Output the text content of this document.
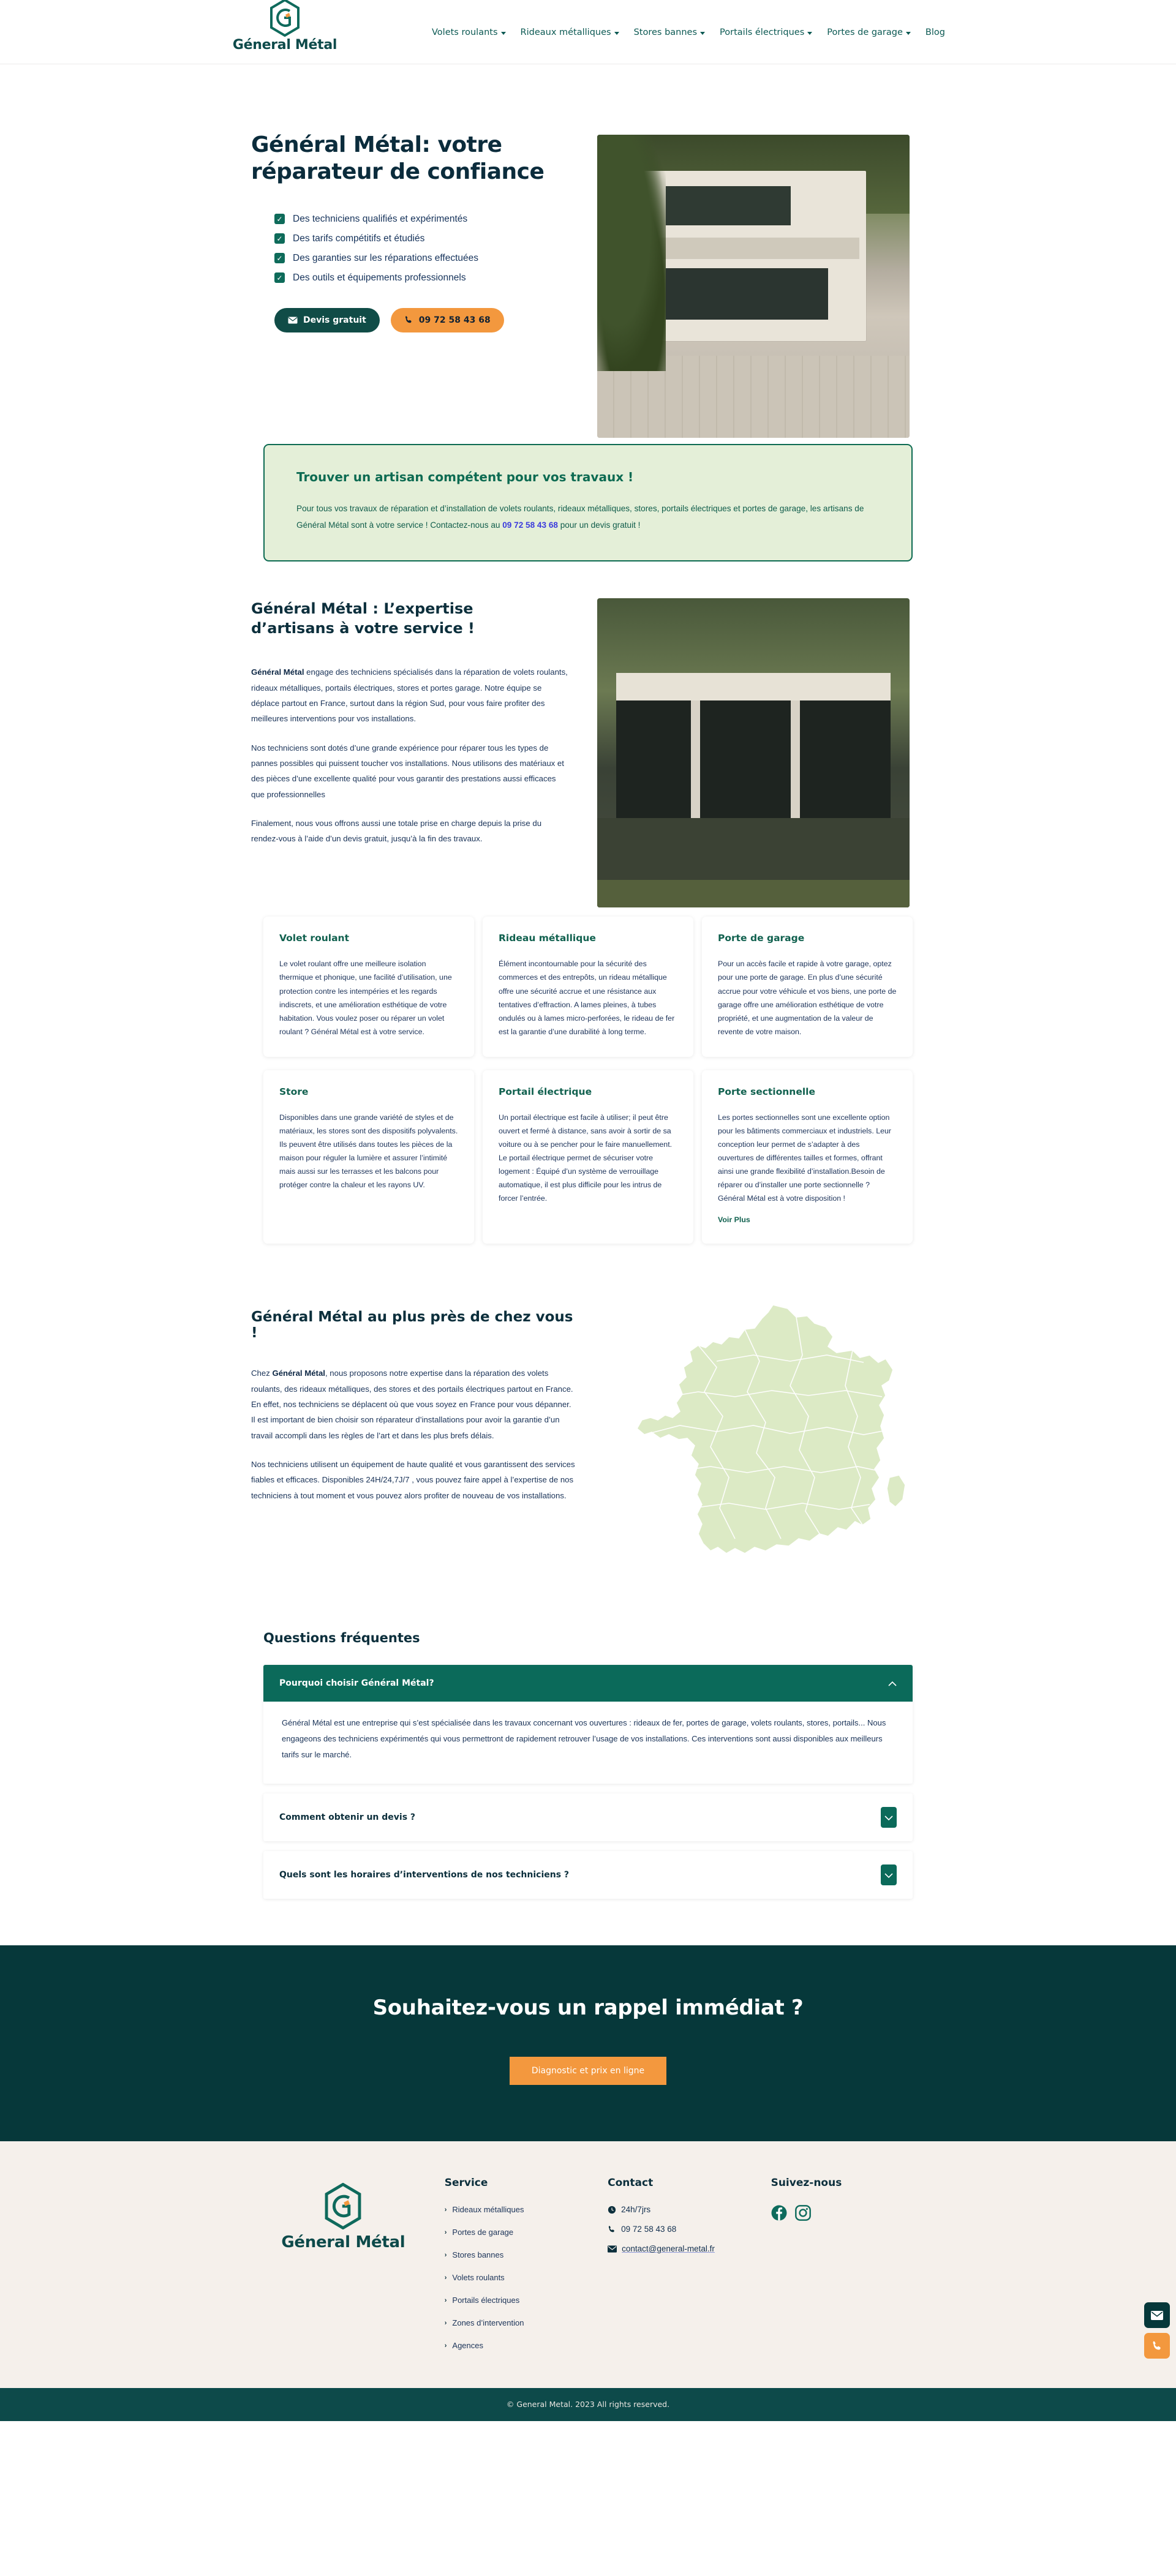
Géneral Métal
Volets roulants	Rideaux métalliques	Stores bannes	Portails électriques	Portes de garage	Blog
Général Métal: votre réparateur de confiance
✓ Des techniciens qualifiés et expérimentés
✓ Des tarifs compétitifs et étudiés
✓ Des garanties sur les réparations effectuées
✓ Des outils et équipements professionnels
Devis gratuit	09 72 58 43 68
Trouver un artisan compétent pour vos travaux !

Pour tous vos travaux de réparation et d’installation de volets roulants, rideaux métalliques, stores, portails électriques et portes de garage, les artisans de Général Métal sont à votre service ! Contactez-nous au 09 72 58 43 68 pour un devis gratuit !

Général Métal : L’expertise d’artisans à votre service !

Général Métal engage des techniciens spécialisés dans la réparation de volets roulants, rideaux métalliques, portails électriques, stores et portes garage. Notre équipe se déplace partout en France, surtout dans la région Sud, pour vous faire profiter des meilleures interventions pour vos installations.

Nos techniciens sont dotés d’une grande expérience pour réparer tous les types de pannes possibles qui puissent toucher vos installations. Nous utilisons des matériaux et des pièces d’une excellente qualité pour vous garantir des prestations aussi efficaces que professionnelles

Finalement, nous vous offrons aussi une totale prise en charge depuis la prise du rendez-vous à l’aide d’un devis gratuit, jusqu’à la fin des travaux.

Volet roulant

Le volet roulant offre une meilleure isolation thermique et phonique, une facilité d’utilisation, une protection contre les intempéries et les regards indiscrets, et une amélioration esthétique de votre habitation. Vous voulez poser ou réparer un volet roulant ? Général Métal est à votre service.

Rideau métallique

Élément incontournable pour la sécurité des commerces et des entrepôts, un rideau métallique offre une sécurité accrue et une résistance aux tentatives d’effraction. A lames pleines, à tubes ondulés ou à lames micro-perforées, le rideau de fer est la garantie d’une durabilité à long terme.

Porte de garage

Pour un accès facile et rapide à votre garage, optez pour une porte de garage. En plus d’une sécurité accrue pour votre véhicule et vos biens, une porte de garage offre une amélioration esthétique de votre propriété, et une augmentation de la valeur de revente de votre maison.

Store

Disponibles dans une grande variété de styles et de matériaux, les stores sont des dispositifs polyvalents. Ils peuvent être utilisés dans toutes les pièces de la maison pour réguler la lumière et assurer l’intimité mais aussi sur les terrasses et les balcons pour protéger contre la chaleur et les rayons UV.

Portail électrique

Un portail électrique est facile à utiliser; il peut être ouvert et fermé à distance, sans avoir à sortir de sa voiture ou à se pencher pour le faire manuellement. Le portail électrique permet de sécuriser votre logement : Équipé d’un système de verrouillage automatique, il est plus difficile pour les intrus de forcer l’entrée.

Porte sectionnelle

Les portes sectionnelles sont une excellente option pour les bâtiments commerciaux et industriels. Leur conception leur permet de s’adapter à des ouvertures de différentes tailles et formes, offrant ainsi une grande flexibilité d’installation.Besoin de réparer ou d’installer une porte sectionnelle ? Général Métal est à votre disposition !

Voir Plus
Général Métal au plus près de chez vous !

Chez Général Métal, nous proposons notre expertise dans la réparation des volets roulants, des rideaux métalliques, des stores et des portails électriques partout en France. En effet, nos techniciens se déplacent où que vous soyez en France pour vous dépanner. Il est important de bien choisir son réparateur d’installations pour avoir la garantie d’un travail accompli dans les règles de l’art et dans les plus brefs délais.

Nos techniciens utilisent un équipement de haute qualité et vous garantissent des services fiables et efficaces. Disponibles 24H/24,7J/7 , vous pouvez faire appel à l’expertise de nos techniciens à tout moment et vous pouvez alors profiter de nouveau de vos installations.

Questions fréquentes
Pourquoi choisir Général Métal?
Général Métal est une entreprise qui s’est spécialisée dans les travaux concernant vos ouvertures : rideaux de fer, portes de garage, volets roulants, stores, portails... Nous engageons des techniciens expérimentés qui vous permettront de rapidement retrouver l’usage de vos installations. Ces interventions sont aussi disponibles aux meilleurs tarifs sur le marché.
Comment obtenir un devis ?
Quels sont les horaires d’interventions de nos techniciens ?
Souhaitez-vous un rappel immédiat ?
Diagnostic et prix en ligne
Géneral Métal
Service
› Rideaux métalliques
› Portes de garage
› Stores bannes
› Volets roulants
› Portails électriques
› Zones d’intervention
› Agences
Contact
24h/7jrs
09 72 58 43 68
contact@general-metal.fr
Suivez-nous
© General Metal. 2023 All rights reserved.
